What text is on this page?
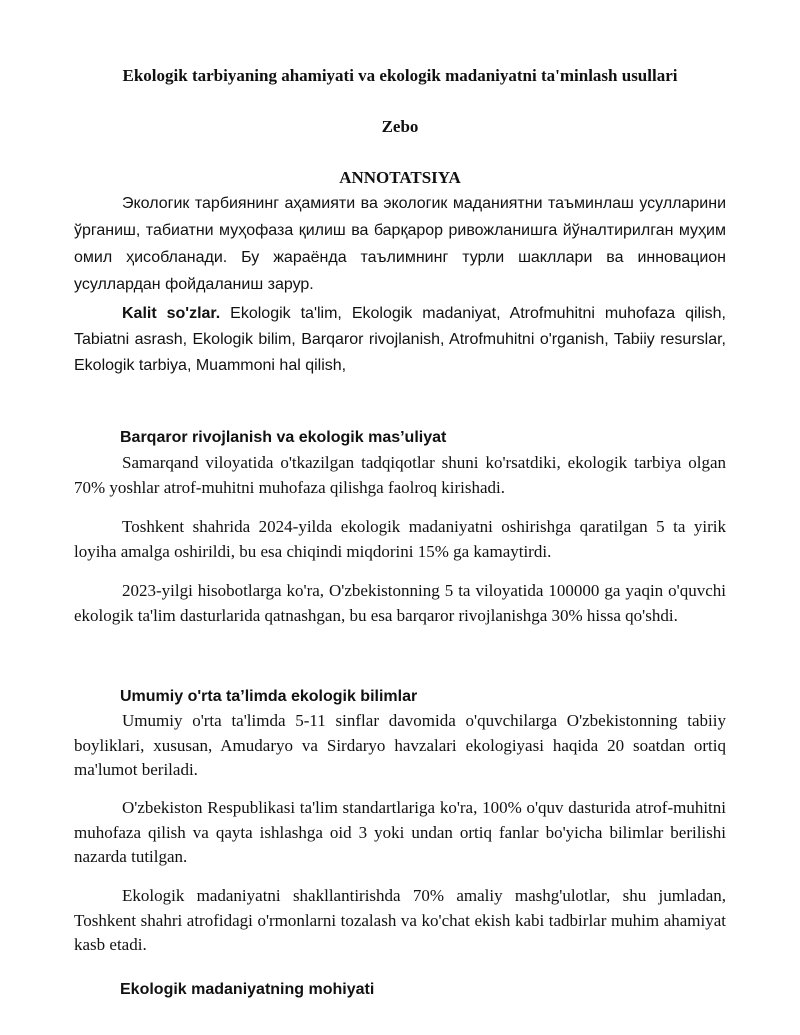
Ekologik tarbiyaning ahamiyati va ekologik madaniyatni ta'minlash usullari
Zebo
ANNOTATSIYA

Экологик тарбиянинг аҳамияти ва экологик маданиятни таъминлаш усулларини ўрганиш, табиатни муҳофаза қилиш ва барқарор ривожланишга йўналтирилган муҳим омил ҳисобланади. Бу жараёнда таълимнинг турли шакллари ва инновацион усуллардан фойдаланиш зарур.

Kalit so'zlar. Ekologik ta'lim, Ekologik madaniyat, Atrofmuhitni muhofaza qilish, Tabiatni asrash, Ekologik bilim, Barqaror rivojlanish, Atrofmuhitni o'rganish, Tabiiy resurslar, Ekologik tarbiya, Muammoni hal qilish,

Barqaror rivojlanish va ekologik mas’uliyat

Samarqand viloyatida o'tkazilgan tadqiqotlar shuni ko'rsatdiki, ekologik tarbiya olgan 70% yoshlar atrof-muhitni muhofaza qilishga faolroq kirishadi.

Toshkent shahrida 2024-yilda ekologik madaniyatni oshirishga qaratilgan 5 ta yirik loyiha amalga oshirildi, bu esa chiqindi miqdorini 15% ga kamaytirdi.

2023-yilgi hisobotlarga ko'ra, O'zbekistonning 5 ta viloyatida 100000 ga yaqin o'quvchi ekologik ta'lim dasturlarida qatnashgan, bu esa barqaror rivojlanishga 30% hissa qo'shdi.

Umumiy o'rta ta’limda ekologik bilimlar

Umumiy o'rta ta'limda 5-11 sinflar davomida o'quvchilarga O'zbekistonning tabiiy boyliklari, xususan, Amudaryo va Sirdaryo havzalari ekologiyasi haqida 20 soatdan ortiq ma'lumot beriladi.

O'zbekiston Respublikasi ta'lim standartlariga ko'ra, 100% o'quv dasturida atrof-muhitni muhofaza qilish va qayta ishlashga oid 3 yoki undan ortiq fanlar bo'yicha bilimlar berilishi nazarda tutilgan.

Ekologik madaniyatni shakllantirishda 70% amaliy mashg'ulotlar, shu jumladan, Toshkent shahri atrofidagi o'rmonlarni tozalash va ko'chat ekish kabi tadbirlar muhim ahamiyat kasb etadi.

Ekologik madaniyatning mohiyati
